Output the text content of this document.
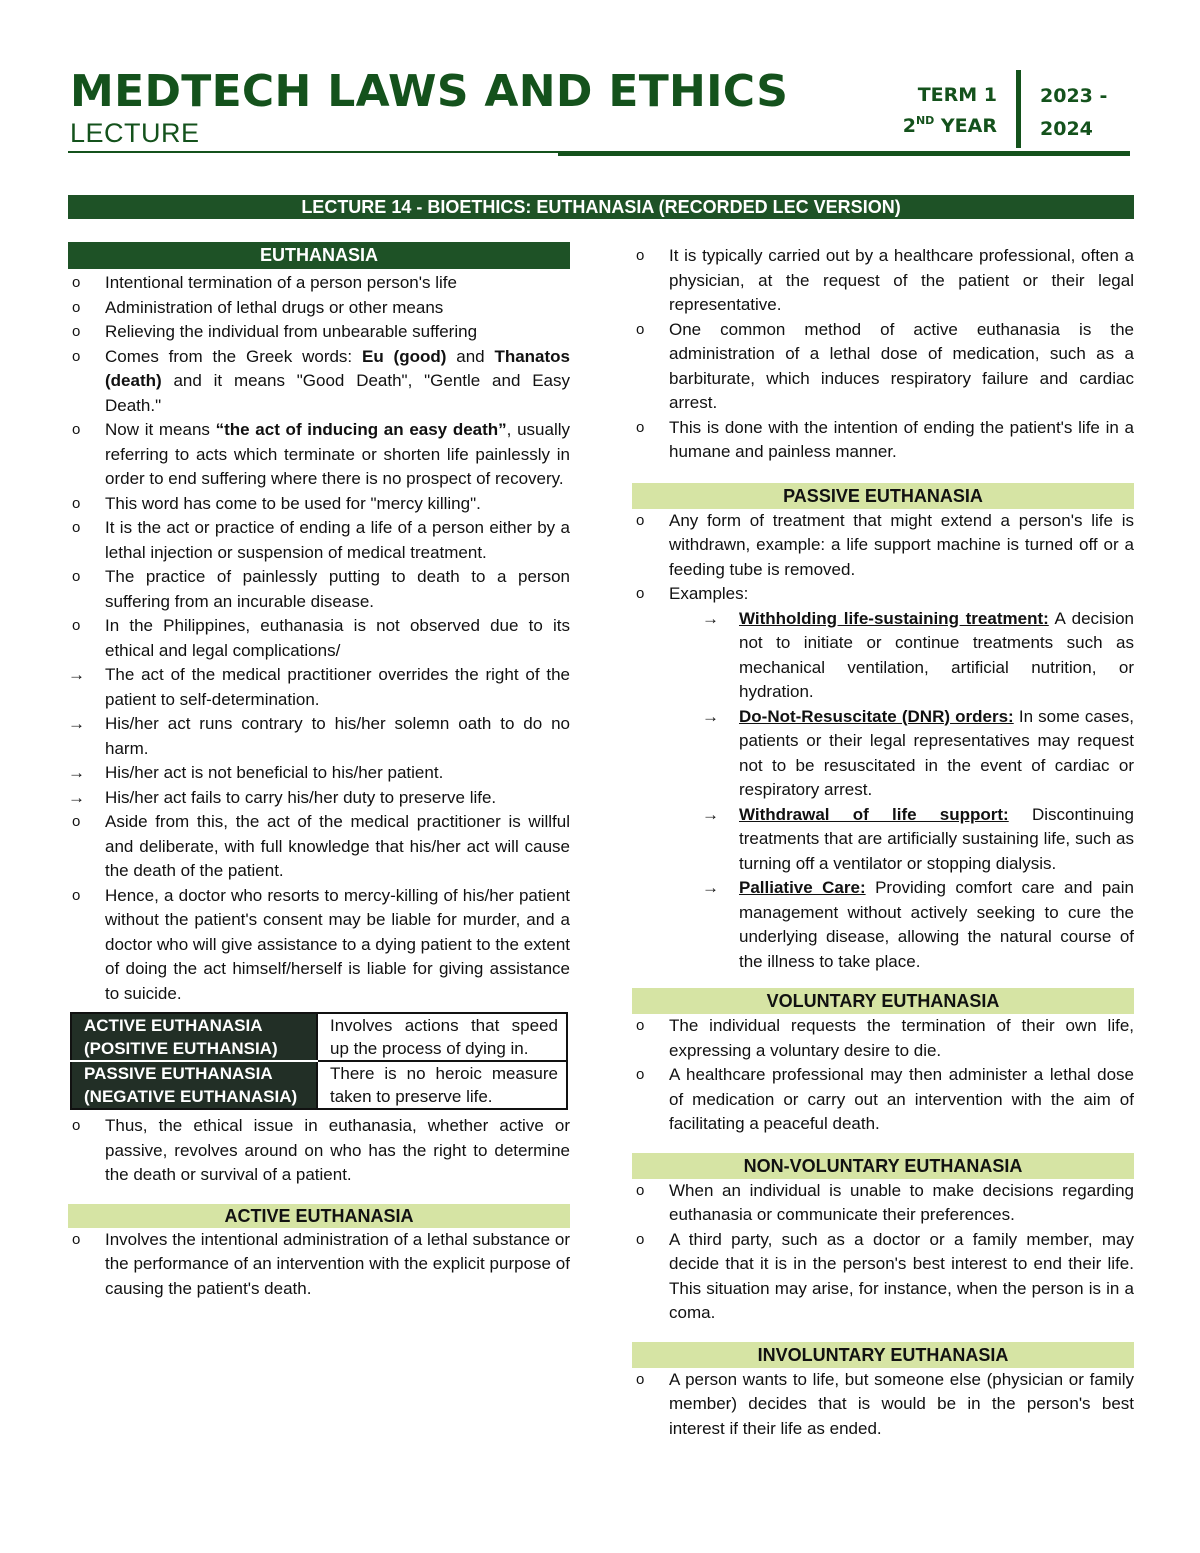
MEDTECH LAWS AND ETHICS
LECTURE
TERM 1
2ND YEAR
2023 -
2024
LECTURE 14 - BIOETHICS: EUTHANASIA (RECORDED LEC VERSION)
EUTHANASIA
o Intentional termination of a person person's life
o Administration of lethal drugs or other means
o Relieving the individual from unbearable suffering
o Comes from the Greek words: Eu (good) and Thanatos (death) and it means "Good Death", "Gentle and Easy Death."
o Now it means “the act of inducing an easy death”, usually referring to acts which terminate or shorten life painlessly in order to end suffering where there is no prospect of recovery.
o This word has come to be used for "mercy killing".
o It is the act or practice of ending a life of a person either by a lethal injection or suspension of medical treatment.
o The practice of painlessly putting to death to a person suffering from an incurable disease.
o In the Philippines, euthanasia is not observed due to its ethical and legal complications/
→ The act of the medical practitioner overrides the right of the patient to self-determination.
→ His/her act runs contrary to his/her solemn oath to do no harm.
→ His/her act is not beneficial to his/her patient.
→ His/her act fails to carry his/her duty to preserve life.
o Aside from this, the act of the medical practitioner is willful and deliberate, with full knowledge that his/her act will cause the death of the patient.
o Hence, a doctor who resorts to mercy-killing of his/her patient without the patient's consent may be liable for murder, and a doctor who will give assistance to a dying patient to the extent of doing the act himself/herself is liable for giving assistance to suicide.
ACTIVE EUTHANASIA (POSITIVE EUTHANSIA)	Involves actions that speed up the process of dying in.
PASSIVE EUTHANASIA (NEGATIVE EUTHANASIA)	There is no heroic measure taken to preserve life.
o Thus, the ethical issue in euthanasia, whether active or passive, revolves around on who has the right to determine the death or survival of a patient.
ACTIVE EUTHANASIA
o Involves the intentional administration of a lethal substance or the performance of an intervention with the explicit purpose of causing the patient's death.
o It is typically carried out by a healthcare professional, often a physician, at the request of the patient or their legal representative.
o One common method of active euthanasia is the administration of a lethal dose of medication, such as a barbiturate, which induces respiratory failure and cardiac arrest.
o This is done with the intention of ending the patient's life in a humane and painless manner.
PASSIVE EUTHANASIA
o Any form of treatment that might extend a person's life is withdrawn, example: a life support machine is turned off or a feeding tube is removed.
o Examples:
→ Withholding life-sustaining treatment: A decision not to initiate or continue treatments such as mechanical ventilation, artificial nutrition, or hydration.
→ Do-Not-Resuscitate (DNR) orders: In some cases, patients or their legal representatives may request not to be resuscitated in the event of cardiac or respiratory arrest.
→ Withdrawal of life support: Discontinuing treatments that are artificially sustaining life, such as turning off a ventilator or stopping dialysis.
→ Palliative Care: Providing comfort care and pain management without actively seeking to cure the underlying disease, allowing the natural course of the illness to take place.
VOLUNTARY EUTHANASIA
o The individual requests the termination of their own life, expressing a voluntary desire to die.
o A healthcare professional may then administer a lethal dose of medication or carry out an intervention with the aim of facilitating a peaceful death.
NON-VOLUNTARY EUTHANASIA
o When an individual is unable to make decisions regarding euthanasia or communicate their preferences.
o A third party, such as a doctor or a family member, may decide that it is in the person's best interest to end their life. This situation may arise, for instance, when the person is in a coma.
INVOLUNTARY EUTHANASIA
o A person wants to life, but someone else (physician or family member) decides that is would be in the person's best interest if their life as ended.
